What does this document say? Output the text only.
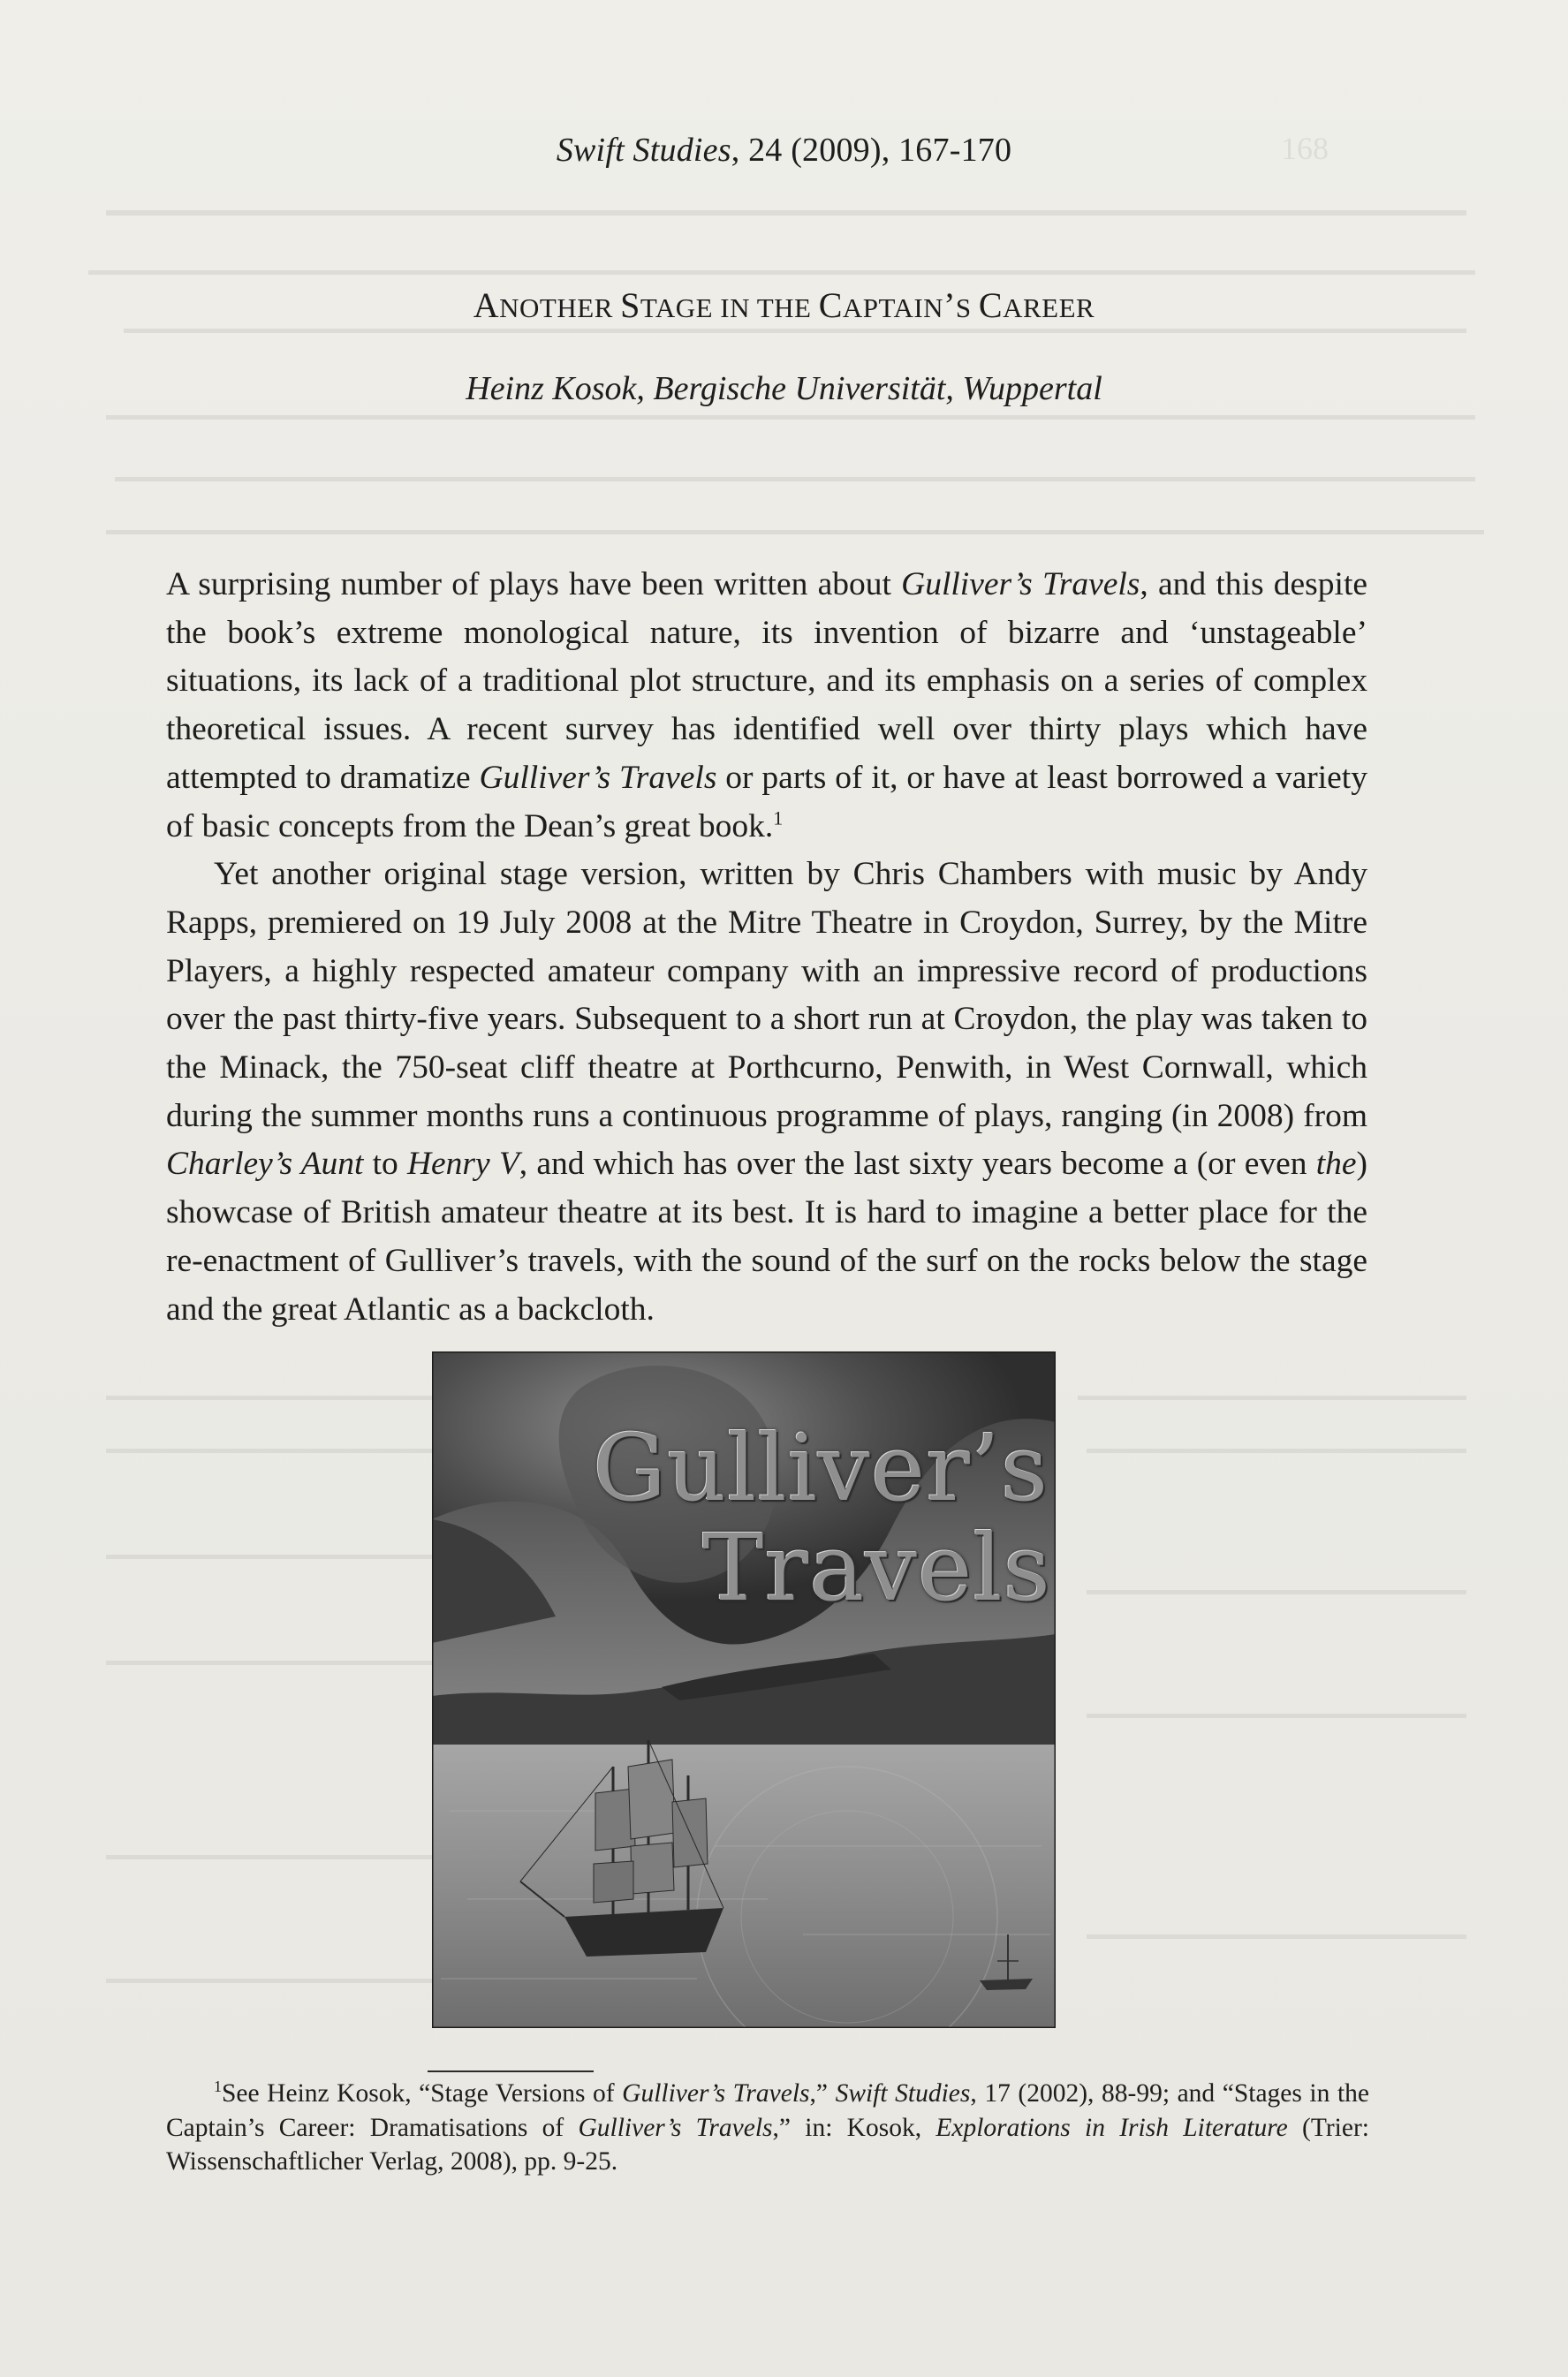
168
Swift Studies, 24 (2009), 167-170
ANOTHER STAGE IN THE CAPTAIN’S CAREER
Heinz Kosok, Bergische Universität, Wuppertal

A surprising number of plays have been written about Gulliver’s Travels, and this despite the book’s extreme monological nature, its invention of bizarre and ‘unstageable’ situations, its lack of a traditional plot structure, and its emphasis on a series of complex theoretical issues. A recent survey has identified well over thirty plays which have attempted to dramatize Gulliver’s Travels or parts of it, or have at least borrowed a variety of basic concepts from the Dean’s great book.$^1$

Yet another original stage version, written by Chris Chambers with music by Andy Rapps, premiered on 19 July 2008 at the Mitre Theatre in Croydon, Surrey, by the Mitre Players, a highly respected amateur company with an impressive record of productions over the past thirty-five years. Subsequent to a short run at Croydon, the play was taken to the Minack, the 750-seat cliff theatre at Porthcurno, Penwith, in West Cornwall, which during the summer months runs a continuous programme of plays, ranging (in 2008) from Charley’s Aunt to Henry V, and which has over the last sixty years become a (or even the) showcase of British amateur theatre at its best. It is hard to imagine a better place for the re-enactment of Gulliver’s travels, with the sound of the surf on the rocks below the stage and the great Atlantic as a backcloth.

Gulliver’s
Travels

$^1$See Heinz Kosok, “Stage Versions of Gulliver’s Travels,” Swift Studies, 17 (2002), 88-99; and “Stages in the Captain’s Career: Dramatisations of Gulliver’s Travels,” in: Kosok, Explorations in Irish Literature (Trier: Wissenschaftlicher Verlag, 2008), pp. 9-25.
